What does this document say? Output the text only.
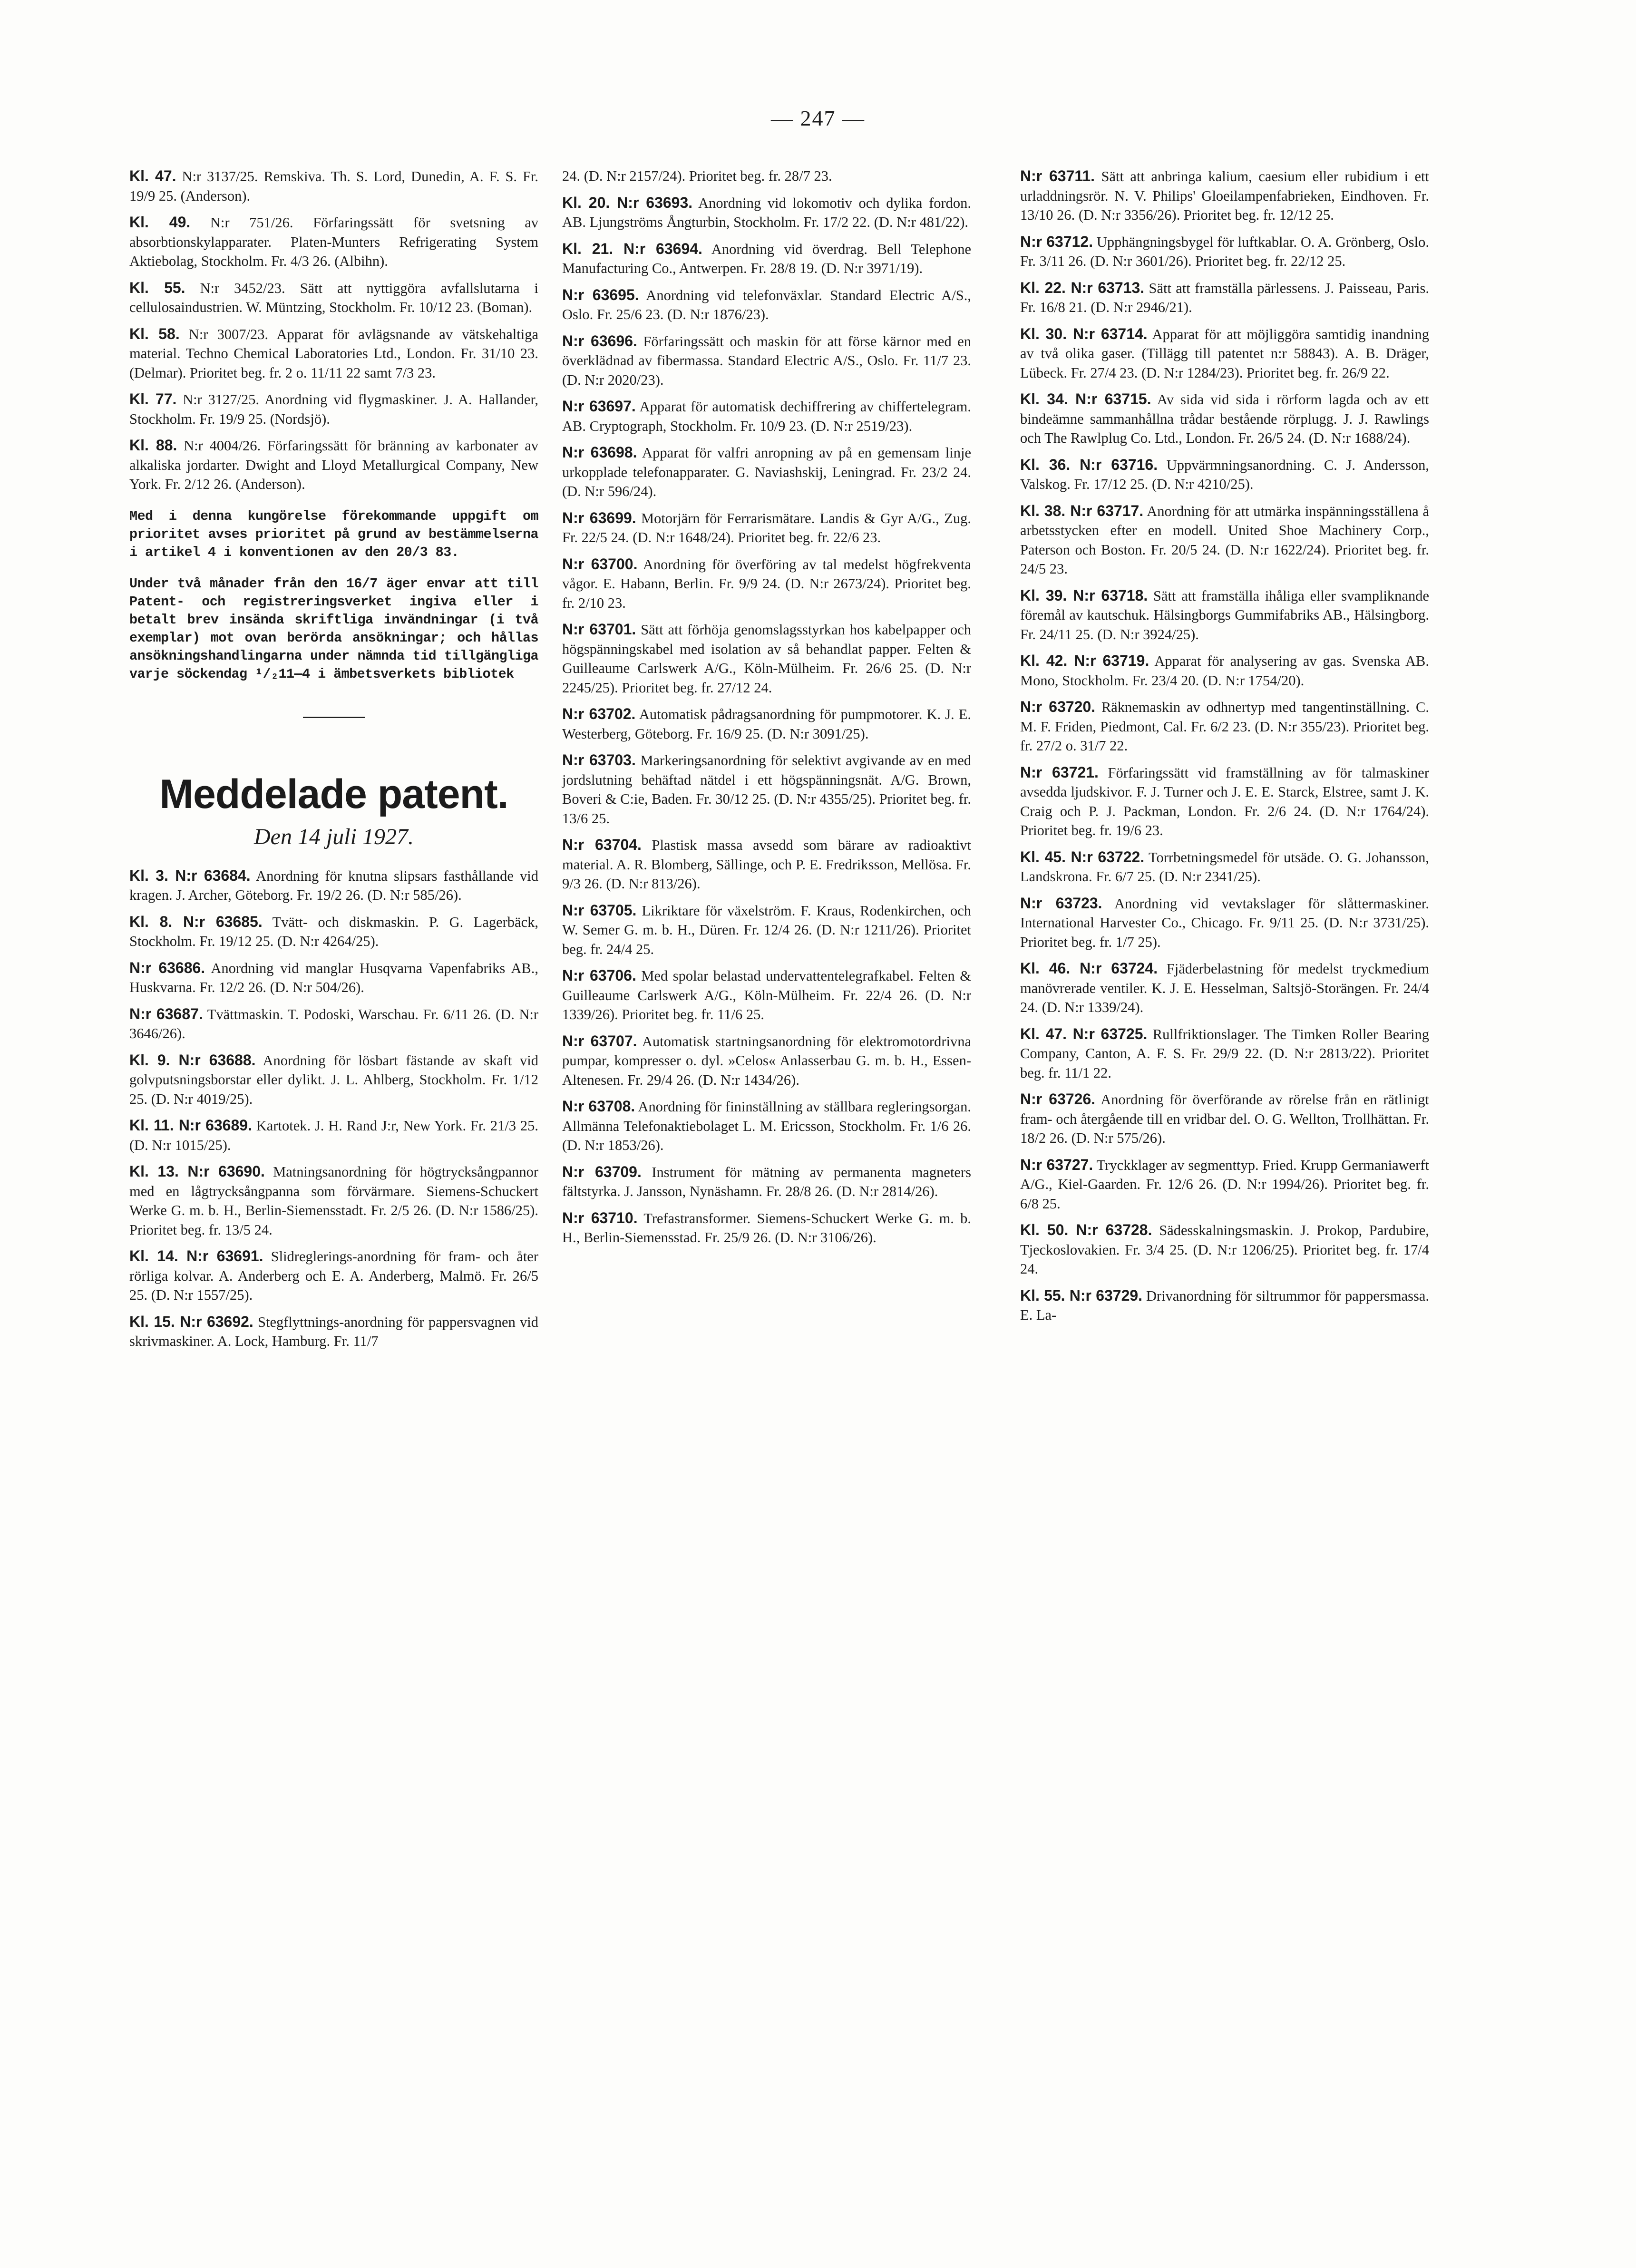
— 247 —

Kl. 47. N:r 3137/25. Remskiva. Th. S. Lord, Dunedin, A. F. S. Fr. 19/9 25. (Anderson).

Kl. 49. N:r 751/26. Förfaringssätt för svetsning av absorbtionskylapparater. Platen-Munters Refrigerating System Aktiebolag, Stockholm. Fr. 4/3 26. (Albihn).

Kl. 55. N:r 3452/23. Sätt att nyttiggöra avfallslutarna i cellulosaindustrien. W. Müntzing, Stockholm. Fr. 10/12 23. (Boman).

Kl. 58. N:r 3007/23. Apparat för avlägsnande av vätskehaltiga material. Techno Chemical Laboratories Ltd., London. Fr. 31/10 23. (Delmar). Prioritet beg. fr. 2 o. 11/11 22 samt 7/3 23.

Kl. 77. N:r 3127/25. Anordning vid flygmaskiner. J. A. Hallander, Stockholm. Fr. 19/9 25. (Nordsjö).

Kl. 88. N:r 4004/26. Förfaringssätt för bränning av karbonater av alkaliska jordarter. Dwight and Lloyd Metallurgical Company, New York. Fr. 2/12 26. (Anderson).

Med i denna kungörelse förekommande uppgift om prioritet avses prioritet på grund av bestämmelserna i artikel 4 i konventionen av den 20/3 83.

Under två månader från den 16/7 äger envar att till Patent- och registreringsverket ingiva eller i betalt brev insända skriftliga invändningar (i två exemplar) mot ovan berörda ansökningar; och hållas ansökningshandlingarna under nämnda tid tillgängliga varje söckendag ¹/₂11—4 i ämbetsverkets bibliotek

Meddelade patent.
Den 14 juli 1927.

Kl. 3. N:r 63684. Anordning för knutna slipsars fasthållande vid kragen. J. Archer, Göteborg. Fr. 19/2 26. (D. N:r 585/26).

Kl. 8. N:r 63685. Tvätt- och diskmaskin. P. G. Lagerbäck, Stockholm. Fr. 19/12 25. (D. N:r 4264/25).

N:r 63686. Anordning vid manglar Husqvarna Vapenfabriks AB., Huskvarna. Fr. 12/2 26. (D. N:r 504/26).

N:r 63687. Tvättmaskin. T. Podoski, Warschau. Fr. 6/11 26. (D. N:r 3646/26).

Kl. 9. N:r 63688. Anordning för lösbart fästande av skaft vid golvputsningsborstar eller dylikt. J. L. Ahlberg, Stockholm. Fr. 1/12 25. (D. N:r 4019/25).

Kl. 11. N:r 63689. Kartotek. J. H. Rand J:r, New York. Fr. 21/3 25. (D. N:r 1015/25).

Kl. 13. N:r 63690. Matningsanordning för högtrycksångpannor med en lågtrycksångpanna som förvärmare. Siemens-Schuckert Werke G. m. b. H., Berlin-Siemensstadt. Fr. 2/5 26. (D. N:r 1586/25). Prioritet beg. fr. 13/5 24.

Kl. 14. N:r 63691. Slidreglerings-anordning för fram- och åter rörliga kolvar. A. Anderberg och E. A. Anderberg, Malmö. Fr. 26/5 25. (D. N:r 1557/25).

Kl. 15. N:r 63692. Stegflyttnings-anordning för pappersvagnen vid skrivmaskiner. A. Lock, Hamburg. Fr. 11/7

24. (D. N:r 2157/24). Prioritet beg. fr. 28/7 23.

Kl. 20. N:r 63693. Anordning vid lokomotiv och dylika fordon. AB. Ljungströms Ångturbin, Stockholm. Fr. 17/2 22. (D. N:r 481/22).

Kl. 21. N:r 63694. Anordning vid överdrag. Bell Telephone Manufacturing Co., Antwerpen. Fr. 28/8 19. (D. N:r 3971/19).

N:r 63695. Anordning vid telefonväxlar. Standard Electric A/S., Oslo. Fr. 25/6 23. (D. N:r 1876/23).

N:r 63696. Förfaringssätt och maskin för att förse kärnor med en överklädnad av fibermassa. Standard Electric A/S., Oslo. Fr. 11/7 23. (D. N:r 2020/23).

N:r 63697. Apparat för automatisk dechiffrering av chiffertelegram. AB. Cryptograph, Stockholm. Fr. 10/9 23. (D. N:r 2519/23).

N:r 63698. Apparat för valfri anropning av på en gemensam linje urkopplade telefonapparater. G. Naviashskij, Leningrad. Fr. 23/2 24. (D. N:r 596/24).

N:r 63699. Motorjärn för Ferrarismätare. Landis & Gyr A/G., Zug. Fr. 22/5 24. (D. N:r 1648/24). Prioritet beg. fr. 22/6 23.

N:r 63700. Anordning för överföring av tal medelst högfrekventa vågor. E. Habann, Berlin. Fr. 9/9 24. (D. N:r 2673/24). Prioritet beg. fr. 2/10 23.

N:r 63701. Sätt att förhöja genomslagsstyrkan hos kabelpapper och högspänningskabel med isolation av så behandlat papper. Felten & Guilleaume Carlswerk A/G., Köln-Mülheim. Fr. 26/6 25. (D. N:r 2245/25). Prioritet beg. fr. 27/12 24.

N:r 63702. Automatisk pådragsanordning för pumpmotorer. K. J. E. Westerberg, Göteborg. Fr. 16/9 25. (D. N:r 3091/25).

N:r 63703. Markeringsanordning för selektivt avgivande av en med jordslutning behäftad nätdel i ett högspänningsnät. A/G. Brown, Boveri & C:ie, Baden. Fr. 30/12 25. (D. N:r 4355/25). Prioritet beg. fr. 13/6 25.

N:r 63704. Plastisk massa avsedd som bärare av radioaktivt material. A. R. Blomberg, Sällinge, och P. E. Fredriksson, Mellösa. Fr. 9/3 26. (D. N:r 813/26).

N:r 63705. Likriktare för växelström. F. Kraus, Rodenkirchen, och W. Semer G. m. b. H., Düren. Fr. 12/4 26. (D. N:r 1211/26). Prioritet beg. fr. 24/4 25.

N:r 63706. Med spolar belastad undervattentelegrafkabel. Felten & Guilleaume Carlswerk A/G., Köln-Mülheim. Fr. 22/4 26. (D. N:r 1339/26). Prioritet beg. fr. 11/6 25.

N:r 63707. Automatisk startningsanordning för elektromotordrivna pumpar, kompresser o. dyl. »Celos« Anlasserbau G. m. b. H., Essen-Altenesen. Fr. 29/4 26. (D. N:r 1434/26).

N:r 63708. Anordning för fininställning av ställbara regleringsorgan. Allmänna Telefonaktiebolaget L. M. Ericsson, Stockholm. Fr. 1/6 26. (D. N:r 1853/26).

N:r 63709. Instrument för mätning av permanenta magneters fältstyrka. J. Jansson, Nynäshamn. Fr. 28/8 26. (D. N:r 2814/26).

N:r 63710. Trefastransformer. Siemens-Schuckert Werke G. m. b. H., Berlin-Siemensstad. Fr. 25/9 26. (D. N:r 3106/26).

N:r 63711. Sätt att anbringa kalium, caesium eller rubidium i ett urladdningsrör. N. V. Philips' Gloeilampenfabrieken, Eindhoven. Fr. 13/10 26. (D. N:r 3356/26). Prioritet beg. fr. 12/12 25.

N:r 63712. Upphängningsbygel för luftkablar. O. A. Grönberg, Oslo. Fr. 3/11 26. (D. N:r 3601/26). Prioritet beg. fr. 22/12 25.

Kl. 22. N:r 63713. Sätt att framställa pärlessens. J. Paisseau, Paris. Fr. 16/8 21. (D. N:r 2946/21).

Kl. 30. N:r 63714. Apparat för att möjliggöra samtidig inandning av två olika gaser. (Tillägg till patentet n:r 58843). A. B. Dräger, Lübeck. Fr. 27/4 23. (D. N:r 1284/23). Prioritet beg. fr. 26/9 22.

Kl. 34. N:r 63715. Av sida vid sida i rörform lagda och av ett bindeämne sammanhållna trådar bestående rörplugg. J. J. Rawlings och The Rawlplug Co. Ltd., London. Fr. 26/5 24. (D. N:r 1688/24).

Kl. 36. N:r 63716. Uppvärmningsanordning. C. J. Andersson, Valskog. Fr. 17/12 25. (D. N:r 4210/25).

Kl. 38. N:r 63717. Anordning för att utmärka inspänningsställena å arbetsstycken efter en modell. United Shoe Machinery Corp., Paterson och Boston. Fr. 20/5 24. (D. N:r 1622/24). Prioritet beg. fr. 24/5 23.

Kl. 39. N:r 63718. Sätt att framställa ihåliga eller svampliknande föremål av kautschuk. Hälsingborgs Gummifabriks AB., Hälsingborg. Fr. 24/11 25. (D. N:r 3924/25).

Kl. 42. N:r 63719. Apparat för analysering av gas. Svenska AB. Mono, Stockholm. Fr. 23/4 20. (D. N:r 1754/20).

N:r 63720. Räknemaskin av odhnertyp med tangentinställning. C. M. F. Friden, Piedmont, Cal. Fr. 6/2 23. (D. N:r 355/23). Prioritet beg. fr. 27/2 o. 31/7 22.

N:r 63721. Förfaringssätt vid framställning av för talmaskiner avsedda ljudskivor. F. J. Turner och J. E. E. Starck, Elstree, samt J. K. Craig och P. J. Packman, London. Fr. 2/6 24. (D. N:r 1764/24). Prioritet beg. fr. 19/6 23.

Kl. 45. N:r 63722. Torrbetningsmedel för utsäde. O. G. Johansson, Landskrona. Fr. 6/7 25. (D. N:r 2341/25).

N:r 63723. Anordning vid vevtakslager för slåttermaskiner. International Harvester Co., Chicago. Fr. 9/11 25. (D. N:r 3731/25). Prioritet beg. fr. 1/7 25).

Kl. 46. N:r 63724. Fjäderbelastning för medelst tryckmedium manövrerade ventiler. K. J. E. Hesselman, Saltsjö-Storängen. Fr. 24/4 24. (D. N:r 1339/24).

Kl. 47. N:r 63725. Rullfriktionslager. The Timken Roller Bearing Company, Canton, A. F. S. Fr. 29/9 22. (D. N:r 2813/22). Prioritet beg. fr. 11/1 22.

N:r 63726. Anordning för överförande av rörelse från en rätlinigt fram- och återgående till en vridbar del. O. G. Wellton, Trollhättan. Fr. 18/2 26. (D. N:r 575/26).

N:r 63727. Tryckklager av segmenttyp. Fried. Krupp Germaniawerft A/G., Kiel-Gaarden. Fr. 12/6 26. (D. N:r 1994/26). Prioritet beg. fr. 6/8 25.

Kl. 50. N:r 63728. Sädesskalningsmaskin. J. Prokop, Pardubire, Tjeckoslovakien. Fr. 3/4 25. (D. N:r 1206/25). Prioritet beg. fr. 17/4 24.

Kl. 55. N:r 63729. Drivanordning för siltrummor för pappersmassa. E. La-
